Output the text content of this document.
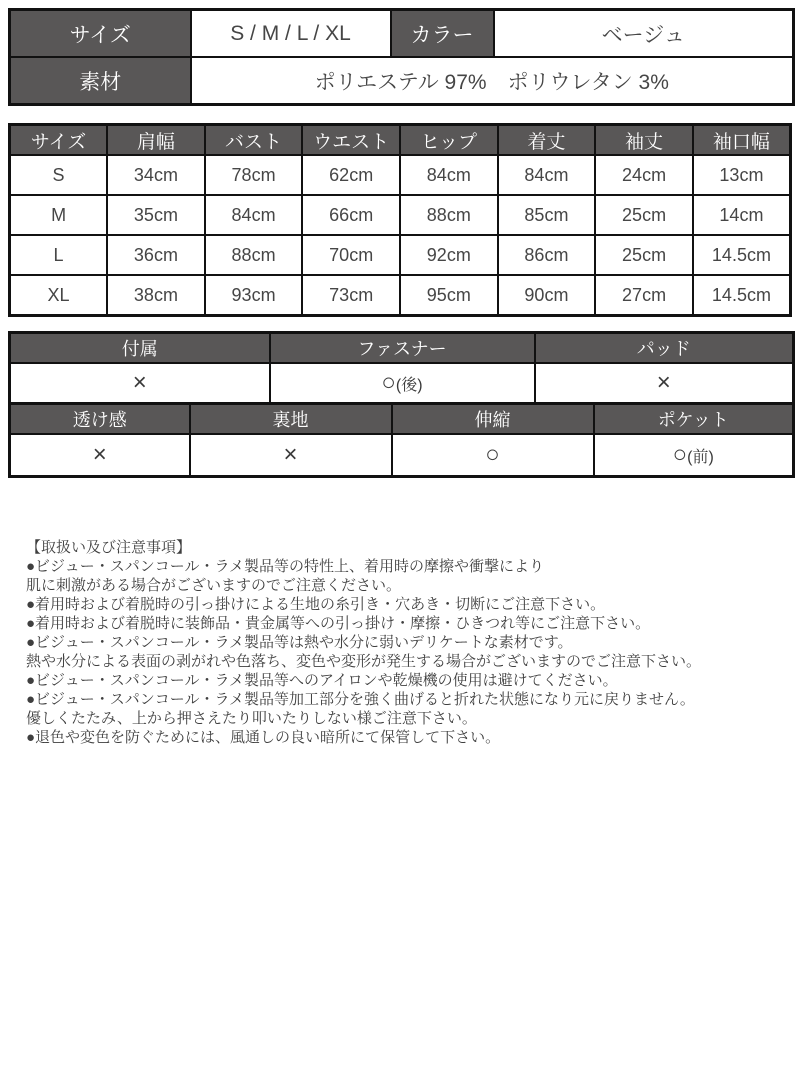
サイズ	S / M / L / XL	カラー	ベージュ
素材	ポリエステル 97%　ポリウレタン 3%		
サイズ	肩幅	バスト	ウエスト	ヒップ	着丈	袖丈	袖口幅
S	34cm	78cm	62cm	84cm	84cm	24cm	13cm
M	35cm	84cm	66cm	88cm	85cm	25cm	14cm
L	36cm	88cm	70cm	92cm	86cm	25cm	14.5cm
XL	38cm	93cm	73cm	95cm	90cm	27cm	14.5cm
付属	ファスナー	パッド
×	○(後)	×
透け感	裏地	伸縮	ポケット
×	×	○	○(前)
【取扱い及び注意事項】
●ビジュー・スパンコール・ラメ製品等の特性上、着用時の摩擦や衝撃により
肌に刺激がある場合がございますのでご注意ください。
●着用時および着脱時の引っ掛けによる生地の糸引き・穴あき・切断にご注意下さい。
●着用時および着脱時に装飾品・貴金属等への引っ掛け・摩擦・ひきつれ等にご注意下さい。
●ビジュー・スパンコール・ラメ製品等は熱や水分に弱いデリケートな素材です。
熱や水分による表面の剥がれや色落ち、変色や変形が発生する場合がございますのでご注意下さい。
●ビジュー・スパンコール・ラメ製品等へのアイロンや乾燥機の使用は避けてください。
●ビジュー・スパンコール・ラメ製品等加工部分を強く曲げると折れた状態になり元に戻りません。
優しくたたみ、上から押さえたり叩いたりしない様ご注意下さい。
●退色や変色を防ぐためには、風通しの良い暗所にて保管して下さい。
